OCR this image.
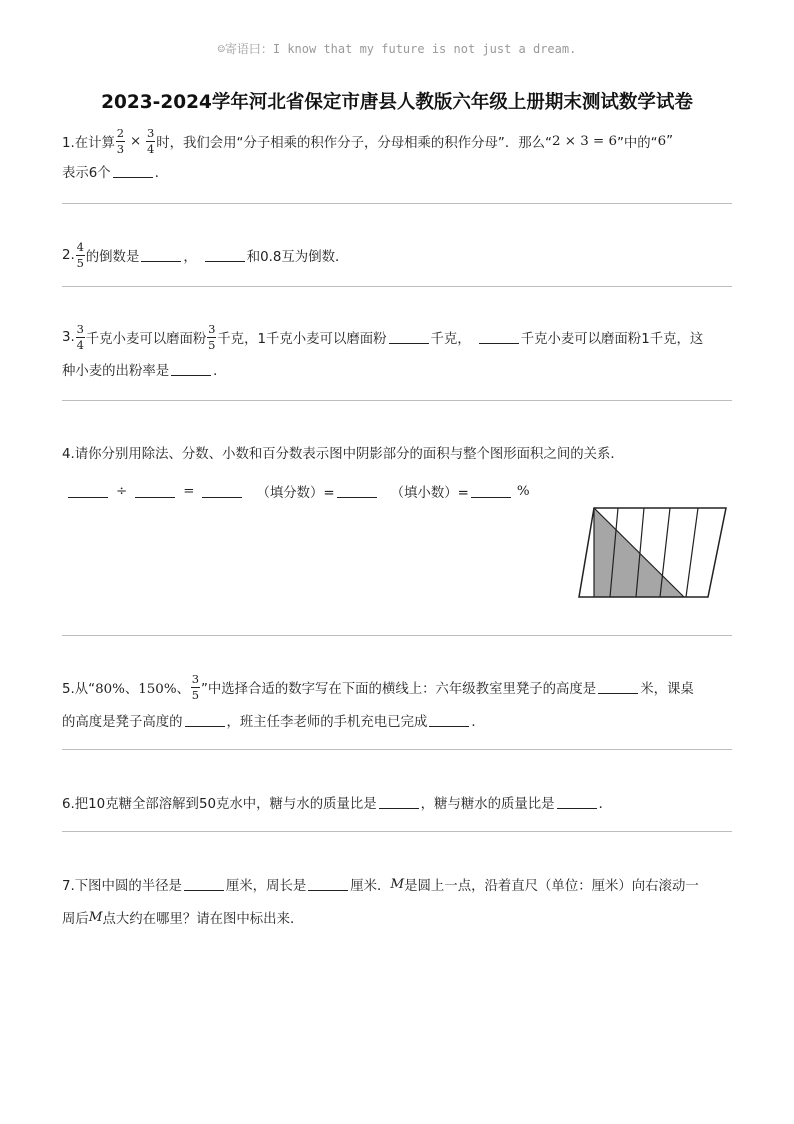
☺寄语曰：I know that my future is not just a dream.
2023-2024学年河北省保定市唐县人教版六年级上册期末测试数学试卷
1.在计算 $\frac{2}{3} \times \frac{3}{4}$ 时，我们会用“分子相乘的积作分子，分母相乘的积作分母”．那么“ 2 × 3 = 6 ”中的“ 6 ”
表示6个	．
2. $\frac{4}{5}$ 的倒数是	，	和0.8互为倒数．
3. $\frac{3}{4}$ 千克小麦可以磨面粉 $\frac{3}{5}$ 千克，1千克小麦可以磨面粉	千克，	千克小麦可以磨面粉1千克，这
种小麦的出粉率是	．
4.请你分别用除法、分数、小数和百分数表示图中阴影部分的面积与整个图形面积之间的关系．
÷	=	（填分数）=	（填小数）=	%
5.从“ 80%、150%、 $\frac{3}{5}$ ”中选择合适的数字写在下面的横线上：六年级教室里凳子的高度是	米，课桌
的高度是凳子高度的	，班主任李老师的手机充电已完成	．
6.把10克糖全部溶解到50克水中，糖与水的质量比是	，糖与糖水的质量比是	．
7.下图中圆的半径是	厘米，周长是	厘米． M 是圆上一点，沿着直尺（单位：厘米）向右滚动一
周后 M 点大约在哪里？请在图中标出来．
